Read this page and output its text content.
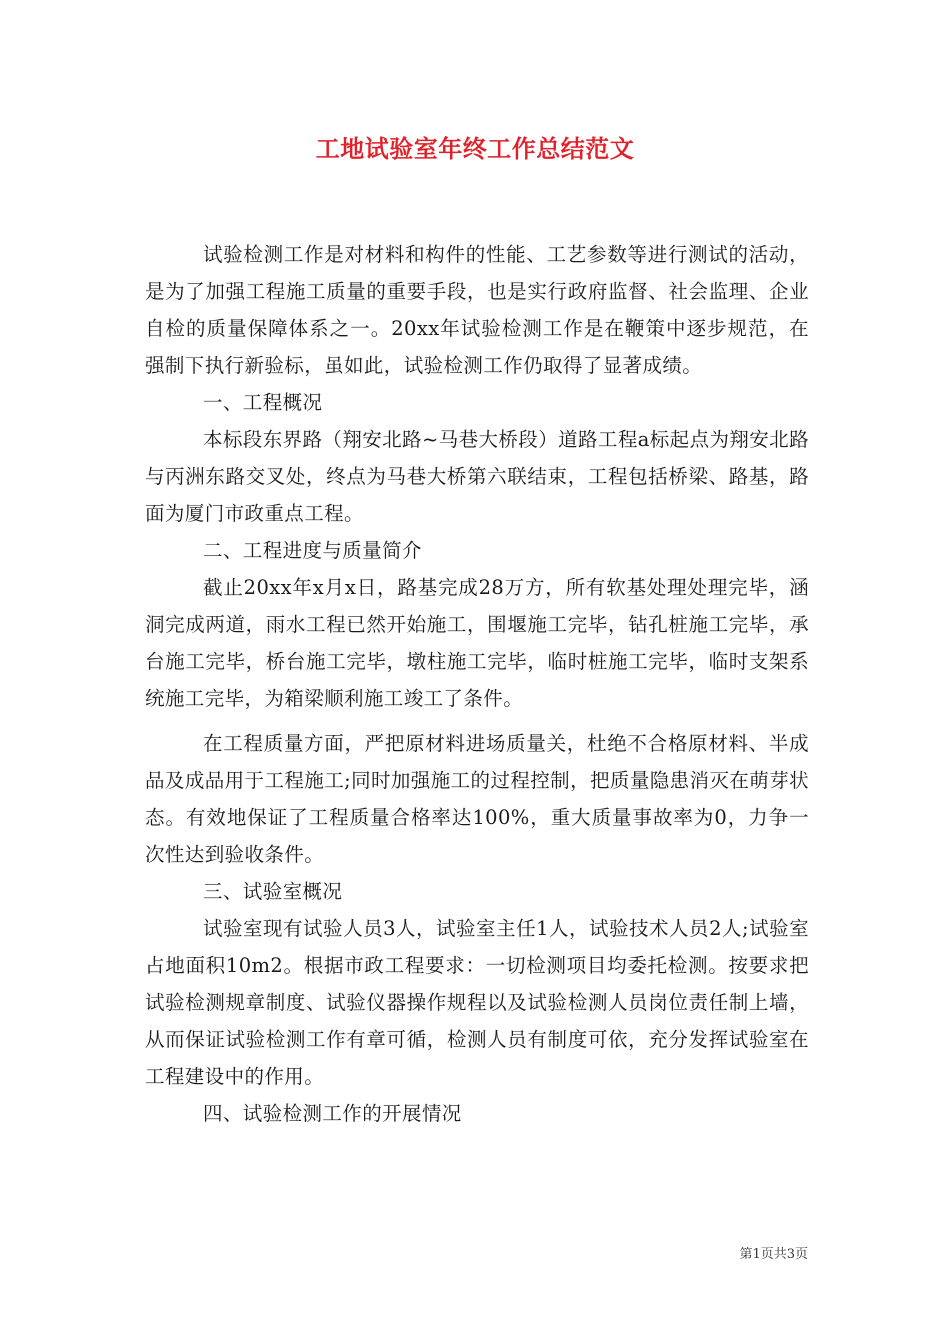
工地试验室年终工作总结范文

试验检测工作是对材料和构件的性能、工艺参数等进行测试的活动，是为了加强工程施工质量的重要手段，也是实行政府监督、社会监理、企业自检的质量保障体系之一。20xx年试验检测工作是在鞭策中逐步规范，在强制下执行新验标，虽如此，试验检测工作仍取得了显著成绩。

一、工程概况

本标段东界路（翔安北路~马巷大桥段）道路工程a标起点为翔安北路与丙洲东路交叉处，终点为马巷大桥第六联结束，工程包括桥梁、路基，路面为厦门市政重点工程。

二、工程进度与质量简介

截止20xx年x月x日，路基完成28万方，所有软基处理处理完毕，涵洞完成两道，雨水工程已然开始施工，围堰施工完毕，钻孔桩施工完毕，承台施工完毕，桥台施工完毕，墩柱施工完毕，临时桩施工完毕，临时支架系统施工完毕，为箱梁顺利施工竣工了条件。

在工程质量方面，严把原材料进场质量关，杜绝不合格原材料、半成品及成品用于工程施工;同时加强施工的过程控制，把质量隐患消灭在萌芽状态。有效地保证了工程质量合格率达100%，重大质量事故率为0，力争一次性达到验收条件。

三、试验室概况

试验室现有试验人员3人，试验室主任1人，试验技术人员2人;试验室占地面积10m2。根据市政工程要求：一切检测项目均委托检测。按要求把试验检测规章制度、试验仪器操作规程以及试验检测人员岗位责任制上墙，从而保证试验检测工作有章可循，检测人员有制度可依，充分发挥试验室在工程建设中的作用。

四、试验检测工作的开展情况

第1页共3页
